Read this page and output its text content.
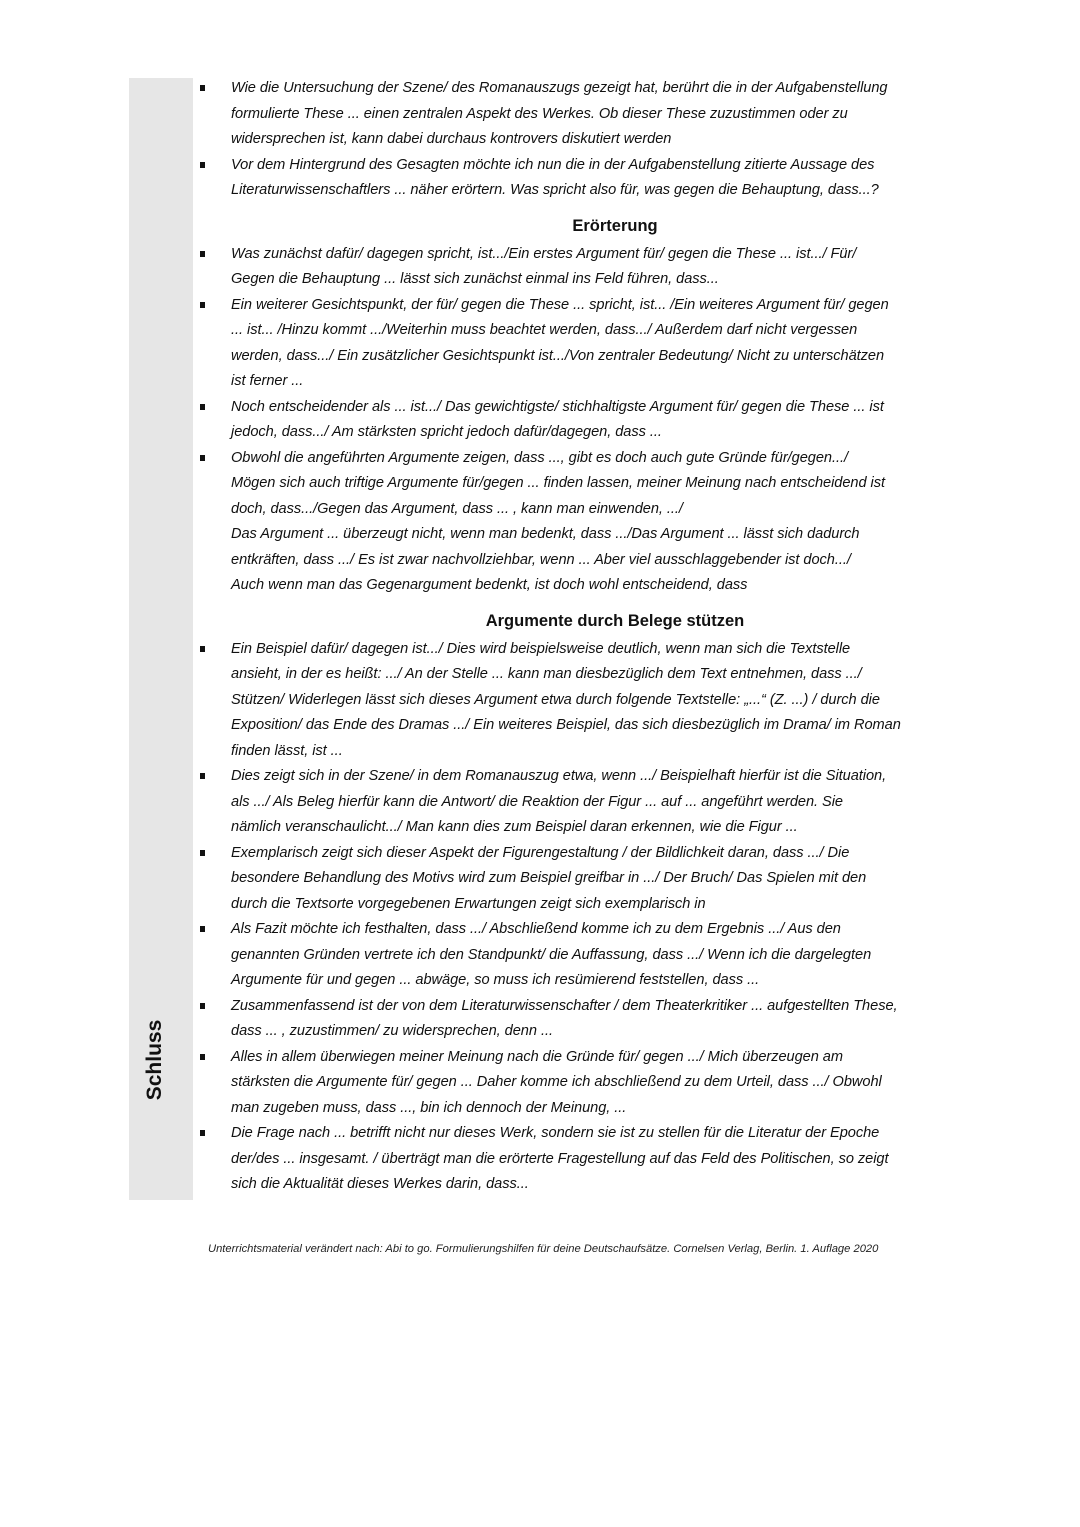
Schluss
Wie die Untersuchung der Szene/ des Romanauszugs gezeigt hat, berührt die in der Aufgabenstellung
formulierte These ... einen zentralen Aspekt des Werkes. Ob dieser These zuzustimmen oder zu
widersprechen ist, kann dabei durchaus kontrovers diskutiert werden
Vor dem Hintergrund des Gesagten möchte ich nun die in der Aufgabenstellung zitierte Aussage des
Literaturwissenschaftlers ... näher erörtern. Was spricht also für, was gegen die Behauptung, dass...?
Erörterung
Was zunächst dafür/ dagegen spricht, ist.../Ein erstes Argument für/ gegen die These ... ist.../ Für/
Gegen die Behauptung ... lässt sich zunächst einmal ins Feld führen, dass...
Ein weiterer Gesichtspunkt, der für/ gegen die These ... spricht, ist... /Ein weiteres Argument für/ gegen
... ist... /Hinzu kommt .../Weiterhin muss beachtet werden, dass.../ Außerdem darf nicht vergessen
werden, dass.../ Ein zusätzlicher Gesichtspunkt ist.../Von zentraler Bedeutung/ Nicht zu unterschätzen
ist ferner ...
Noch entscheidender als ... ist.../ Das gewichtigste/ stichhaltigste Argument für/ gegen die These ... ist
jedoch, dass.../ Am stärksten spricht jedoch dafür/dagegen, dass ...
Obwohl die angeführten Argumente zeigen, dass ..., gibt es doch auch gute Gründe für/gegen.../
Mögen sich auch triftige Argumente für/gegen ... finden lassen, meiner Meinung nach entscheidend ist
doch, dass.../Gegen das Argument, dass ... , kann man einwenden, .../
Das Argument ... überzeugt nicht, wenn man bedenkt, dass .../Das Argument ... lässt sich dadurch
entkräften, dass .../ Es ist zwar nachvollziehbar, wenn ... Aber viel ausschlaggebender ist doch.../
Auch wenn man das Gegenargument bedenkt, ist doch wohl entscheidend, dass
Argumente durch Belege stützen
Ein Beispiel dafür/ dagegen ist.../ Dies wird beispielsweise deutlich, wenn man sich die Textstelle
ansieht, in der es heißt: .../ An der Stelle ... kann man diesbezüglich dem Text entnehmen, dass .../
Stützen/ Widerlegen lässt sich dieses Argument etwa durch folgende Textstelle: „...“ (Z. ...) / durch die
Exposition/ das Ende des Dramas .../ Ein weiteres Beispiel, das sich diesbezüglich im Drama/ im Roman
finden lässt, ist ...
Dies zeigt sich in der Szene/ in dem Romanauszug etwa, wenn .../ Beispielhaft hierfür ist die Situation,
als .../ Als Beleg hierfür kann die Antwort/ die Reaktion der Figur ... auf ... angeführt werden. Sie
nämlich veranschaulicht.../ Man kann dies zum Beispiel daran erkennen, wie die Figur ...
Exemplarisch zeigt sich dieser Aspekt der Figurengestaltung / der Bildlichkeit daran, dass .../ Die
besondere Behandlung des Motivs wird zum Beispiel greifbar in .../ Der Bruch/ Das Spielen mit den
durch die Textsorte vorgegebenen Erwartungen zeigt sich exemplarisch in
Als Fazit möchte ich festhalten, dass .../ Abschließend komme ich zu dem Ergebnis .../ Aus den
genannten Gründen vertrete ich den Standpunkt/ die Auffassung, dass .../ Wenn ich die dargelegten
Argumente für und gegen ... abwäge, so muss ich resümierend feststellen, dass ...
Zusammenfassend ist der von dem Literaturwissenschafter / dem Theaterkritiker ... aufgestellten These,
dass ... , zuzustimmen/ zu widersprechen, denn ...
Alles in allem überwiegen meiner Meinung nach die Gründe für/ gegen .../ Mich überzeugen am
stärksten die Argumente für/ gegen ... Daher komme ich abschließend zu dem Urteil, dass .../ Obwohl
man zugeben muss, dass ..., bin ich dennoch der Meinung, ...
Die Frage nach ... betrifft nicht nur dieses Werk, sondern sie ist zu stellen für die Literatur der Epoche
der/des ... insgesamt. / überträgt man die erörterte Fragestellung auf das Feld des Politischen, so zeigt
sich die Aktualität dieses Werkes darin, dass...
Unterrichtsmaterial verändert nach: Abi to go. Formulierungshilfen für deine Deutschaufsätze. Cornelsen Verlag, Berlin. 1. Auflage 2020
